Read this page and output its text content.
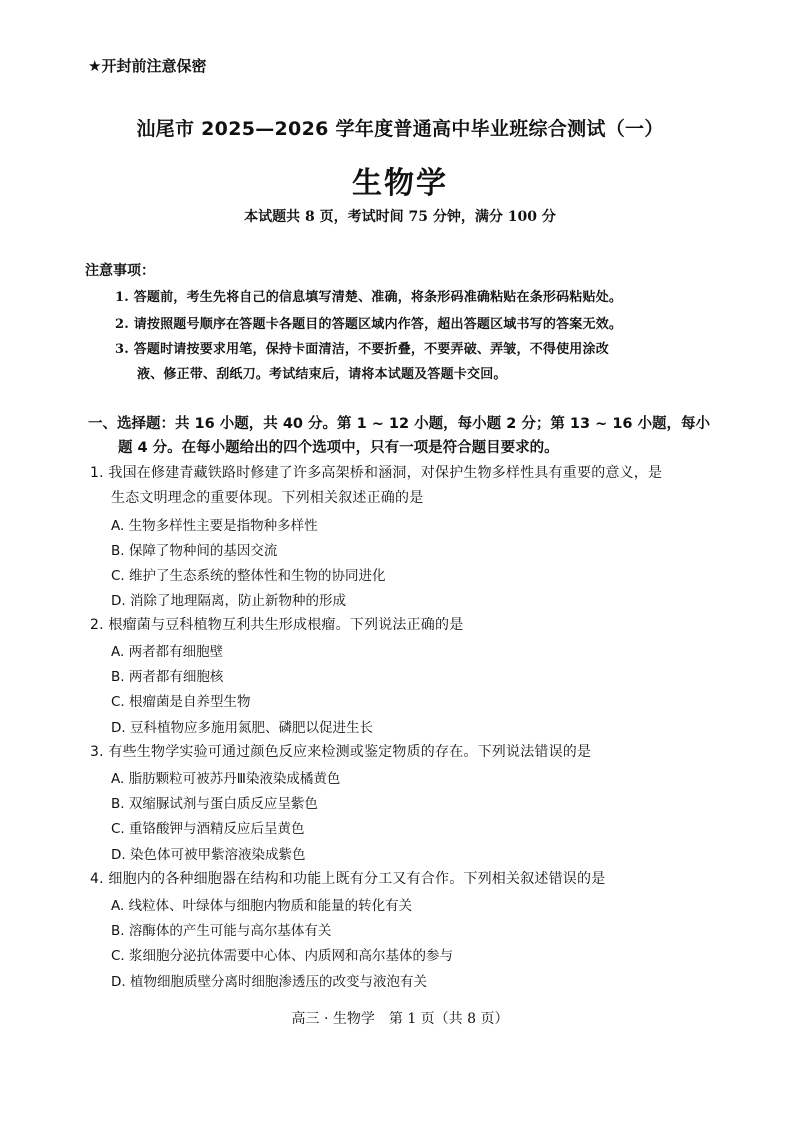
★开封前注意保密
汕尾市 2025—2026 学年度普通高中毕业班综合测试（一）
生物学
本试题共 8 页，考试时间 75 分钟，满分 100 分
注意事项：
1. 答题前，考生先将自己的信息填写清楚、准确，将条形码准确粘贴在条形码粘贴处。
2. 请按照题号顺序在答题卡各题目的答题区域内作答，超出答题区域书写的答案无效。
3. 答题时请按要求用笔，保持卡面清洁，不要折叠，不要弄破、弄皱，不得使用涂改
液、修正带、刮纸刀。考试结束后，请将本试题及答题卡交回。
一、选择题：共 16 小题，共 40 分。第 1 ~ 12 小题，每小题 2 分；第 13 ~ 16 小题，每小
题 4 分。在每小题给出的四个选项中，只有一项是符合题目要求的。
1. 我国在修建青藏铁路时修建了许多高架桥和涵洞，对保护生物多样性具有重要的意义，是
生态文明理念的重要体现。下列相关叙述正确的是
A. 生物多样性主要是指物种多样性
B. 保障了物种间的基因交流
C. 维护了生态系统的整体性和生物的协同进化
D. 消除了地理隔离，防止新物种的形成
2. 根瘤菌与豆科植物互利共生形成根瘤。下列说法正确的是
A. 两者都有细胞壁
B. 两者都有细胞核
C. 根瘤菌是自养型生物
D. 豆科植物应多施用氮肥、磷肥以促进生长
3. 有些生物学实验可通过颜色反应来检测或鉴定物质的存在。下列说法错误的是
A. 脂肪颗粒可被苏丹Ⅲ染液染成橘黄色
B. 双缩脲试剂与蛋白质反应呈紫色
C. 重铬酸钾与酒精反应后呈黄色
D. 染色体可被甲紫溶液染成紫色
4. 细胞内的各种细胞器在结构和功能上既有分工又有合作。下列相关叙述错误的是
A. 线粒体、叶绿体与细胞内物质和能量的转化有关
B. 溶酶体的产生可能与高尔基体有关
C. 浆细胞分泌抗体需要中心体、内质网和高尔基体的参与
D. 植物细胞质壁分离时细胞渗透压的改变与液泡有关
高三 · 生物学　第 1 页（共 8 页）
